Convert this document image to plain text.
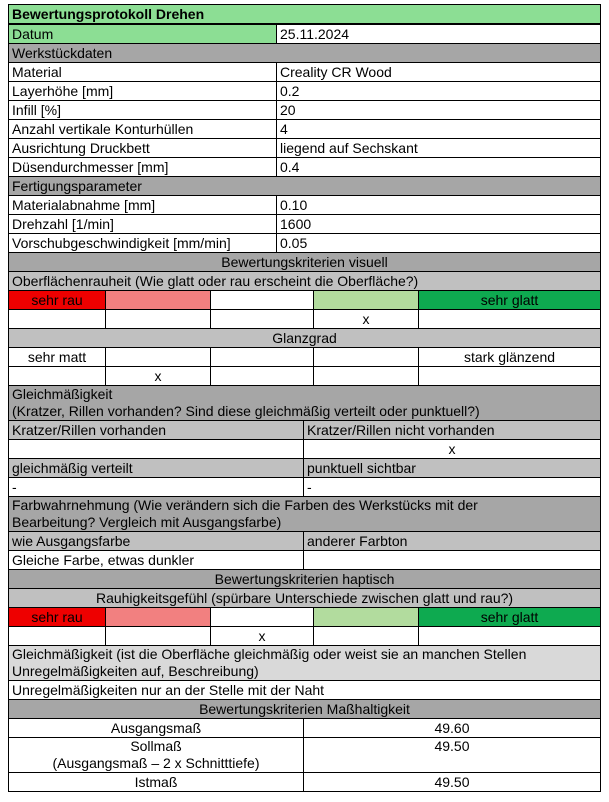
Bewertungsprotokoll Drehen	
Datum	25.11.2024
Werkstückdaten	
Material	Creality CR Wood
Layerhöhe [mm]	0.2
Infill [%]	20
Anzahl vertikale Konturhüllen	4
Ausrichtung Druckbett	liegend auf Sechskant
Düsendurchmesser [mm]	0.4
Fertigungsparameter	
Materialabnahme [mm]	0.10
Drehzahl [1/min]	1600
Vorschubgeschwindigkeit [mm/min]	0.05
Bewertungskriterien visuell				
Oberflächenrauheit (Wie glatt oder rau erscheint die Oberfläche?)				
sehr rau				sehr glatt
			x	
Glanzgrad				
sehr matt				stark glänzend
	x			
Gleichmäßigkeit
(Kratzer, Rillen vorhanden? Sind diese gleichmäßig verteilt oder punktuell?)	
Kratzer/Rillen vorhanden	Kratzer/Rillen nicht vorhanden
	x
gleichmäßig verteilt	punktuell sichtbar
-	-
Farbwahrnehmung (Wie verändern sich die Farben des Werkstücks mit der
Bearbeitung? Vergleich mit Ausgangsfarbe)	
wie Ausgangsfarbe	anderer Farbton
Gleiche Farbe, etwas dunkler	
Bewertungskriterien haptisch				
Rauhigkeitsgefühl (spürbare Unterschiede zwischen glatt und rau?)				
sehr rau				sehr glatt
		x		
Gleichmäßigkeit (ist die Oberfläche gleichmäßig oder weist sie an manchen Stellen
Unregelmäßigkeiten auf, Beschreibung)
Unregelmäßigkeiten nur an der Stelle mit der Naht
Bewertungskriterien Maßhaltigkeit	
Ausgangsmaß	49.60
Sollmaß
(Ausgangsmaß – 2 x Schnitttiefe)	49.50
Istmaß	49.50
